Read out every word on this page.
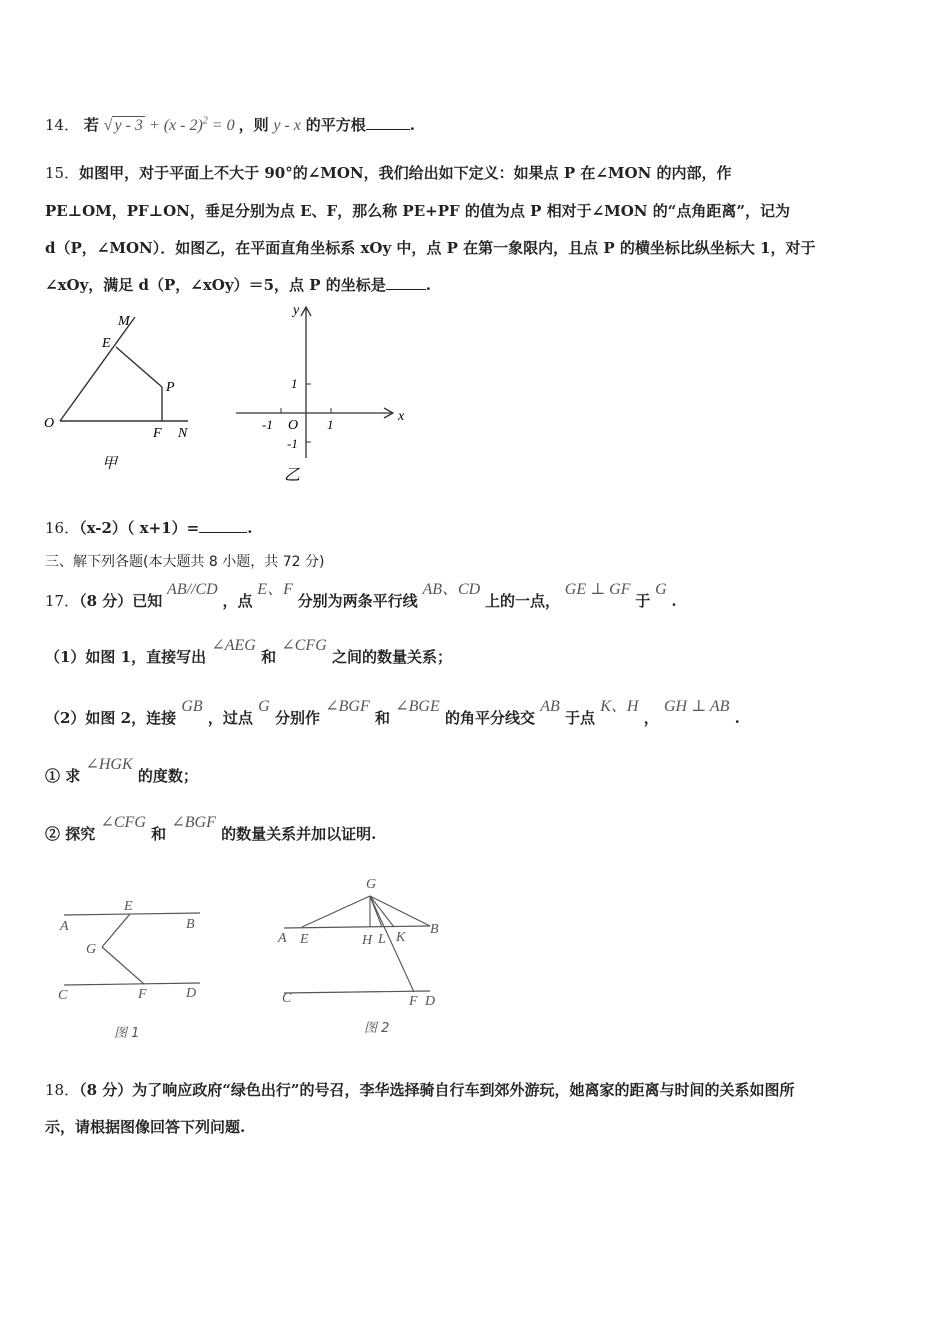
14． 若 √ y - 3 + (x - 2)$^2$ = 0 ，则 y - x 的平方根	.
15．如图甲，对于平面上不大于 90°的∠MON，我们给出如下定义：如果点 P 在∠MON 的内部，作
PE⊥OM，PF⊥ON，垂足分别为点 E、F，那么称 PE+PF 的值为点 P 相对于∠MON 的“点角距离”，记为
d（P，∠MON）．如图乙，在平面直角坐标系 xOy 中，点 P 在第一象限内，且点 P 的横坐标比纵坐标大 1，对于
∠xOy，满足 d（P，∠xOy）＝5，点 P 的坐标是	.
M
E
P
O
F N
甲
y
x
1
1
-1 O
-1
乙
16．（x-2）（ x+1）=	.
三、解下列各题(本大题共 8 小题，共 72 分)
17．（8 分）已知 AB//CD ，点 E、F 分别为两条平行线 AB、CD 上的一点， GE ⊥ GF 于 G .
（1）如图 1，直接写出 ∠AEG 和 ∠CFG 之间的数量关系；
（2）如图 2，连接 GB ，过点 G 分别作 ∠BGF 和 ∠BGE 的角平分线交 AB 于点 K、H ， GH ⊥ AB .
① 求 ∠HGK 的度数；
② 探究 ∠CFG 和 ∠BGF 的数量关系并加以证明.
A
E
B
G
C	F	D
图 1
G
A E	H L K
B
C	F D
图 2
18．（8 分）为了响应政府“绿色出行”的号召，李华选择骑自行车到郊外游玩，她离家的距离与时间的关系如图所
示，请根据图像回答下列问题.
